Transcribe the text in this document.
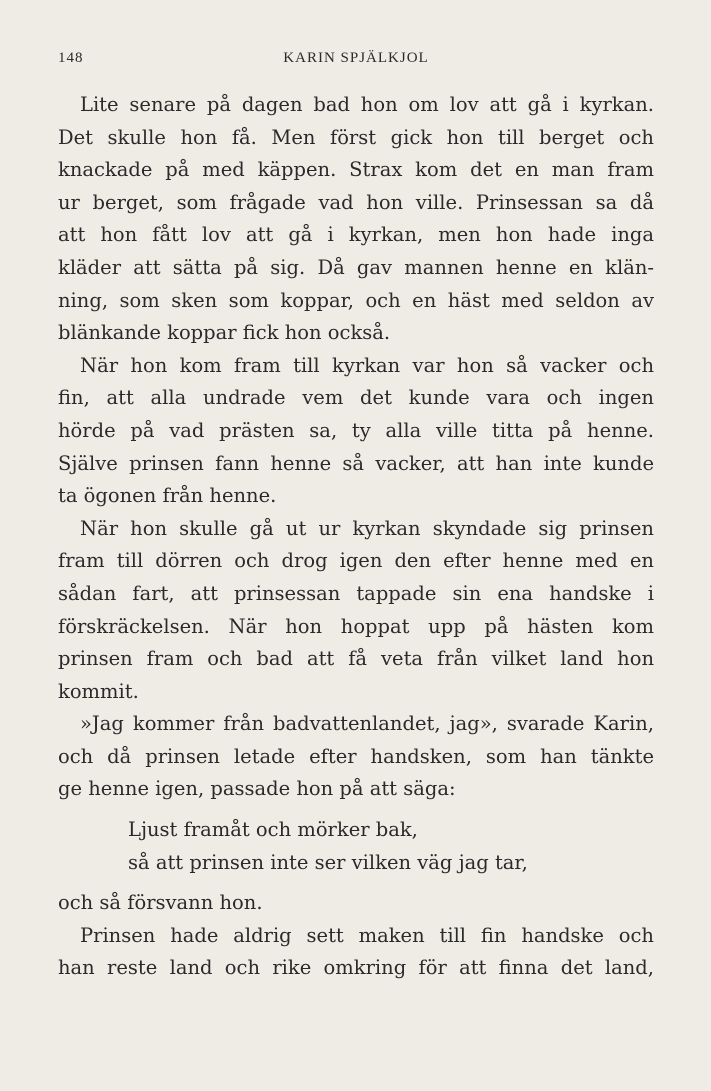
148	KARIN SPJÄLKJOL
Lite senare på dagen bad hon om lov att gå i kyrkan.
Det skulle hon få. Men först gick hon till berget och
knackade på med käppen. Strax kom det en man fram
ur berget, som frågade vad hon ville. Prinsessan sa då
att hon fått lov att gå i kyrkan, men hon hade inga
kläder att sätta på sig. Då gav mannen henne en klän-
ning, som sken som koppar, och en häst med seldon av
blänkande koppar fick hon också.
När hon kom fram till kyrkan var hon så vacker och
fin, att alla undrade vem det kunde vara och ingen
hörde på vad prästen sa, ty alla ville titta på henne.
Själve prinsen fann henne så vacker, att han inte kunde
ta ögonen från henne.
När hon skulle gå ut ur kyrkan skyndade sig prinsen
fram till dörren och drog igen den efter henne med en
sådan fart, att prinsessan tappade sin ena handske i
förskräckelsen. När hon hoppat upp på hästen kom
prinsen fram och bad att få veta från vilket land hon
kommit.
»Jag kommer från badvattenlandet, jag», svarade Karin,
och då prinsen letade efter handsken, som han tänkte
ge henne igen, passade hon på att säga:
Ljust framåt och mörker bak,
så att prinsen inte ser vilken väg jag tar,
och så försvann hon.
Prinsen hade aldrig sett maken till fin handske och
han reste land och rike omkring för att finna det land,
